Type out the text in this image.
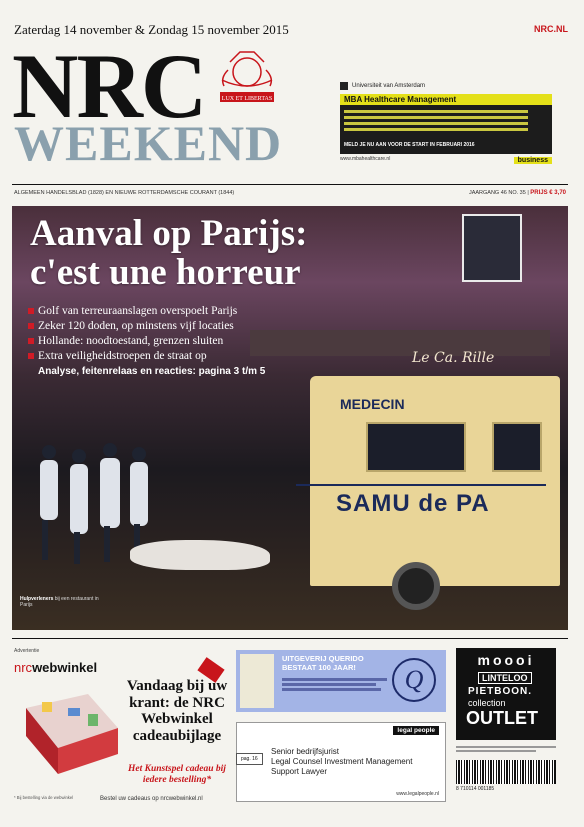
Zaterdag 14 november & Zondag 15 november 2015	NRC.NL
NRC
WEEKEND
LUX ET LIBERTAS
Universiteit van Amsterdam
MBA Healthcare Management
MELD JE NU AAN VOOR DE START IN FEBRUARI 2016
business
www.mbahealthcare.nl
ALGEMEEN HANDELSBLAD (1828) EN NIEUWE ROTTERDAMSCHE COURANT (1844)	JAARGANG 46 NO. 35 | PRIJS € 3,70
Le Ca. Rille
MEDECIN
SAMU de PA
Aanval op Parijs:
c'est une horreur
Golf van terreuraanslagen overspoelt Parijs
Zeker 120 doden, op minstens vijf locaties
Hollande: noodtoestand, grenzen sluiten
Extra veiligheidstroepen de straat op
Analyse, feitenrelaas en reacties: pagina 3 t/m 5
Hulpverleners bij een restaurant in Parijs
Advertentie
nrcwebwinkel
Vandaag bij uw krant: de NRC Webwinkel cadeaubijlage
Het Kunstspel cadeau bij iedere bestelling*
* Bij bestelling via de webwinkel	Bestel uw cadeaus op nrcwebwinkel.nl
UITGEVERIJ QUERIDO
BESTAAT 100 JAAR!	Q
legal people
pag. 16
Senior bedrijfsjurist
Legal Counsel Investment Management
Support Lawyer
www.legalpeople.nl
moooi
LINTELOO
PIETBOON.
collection
OUTLET
8 710114 001185
